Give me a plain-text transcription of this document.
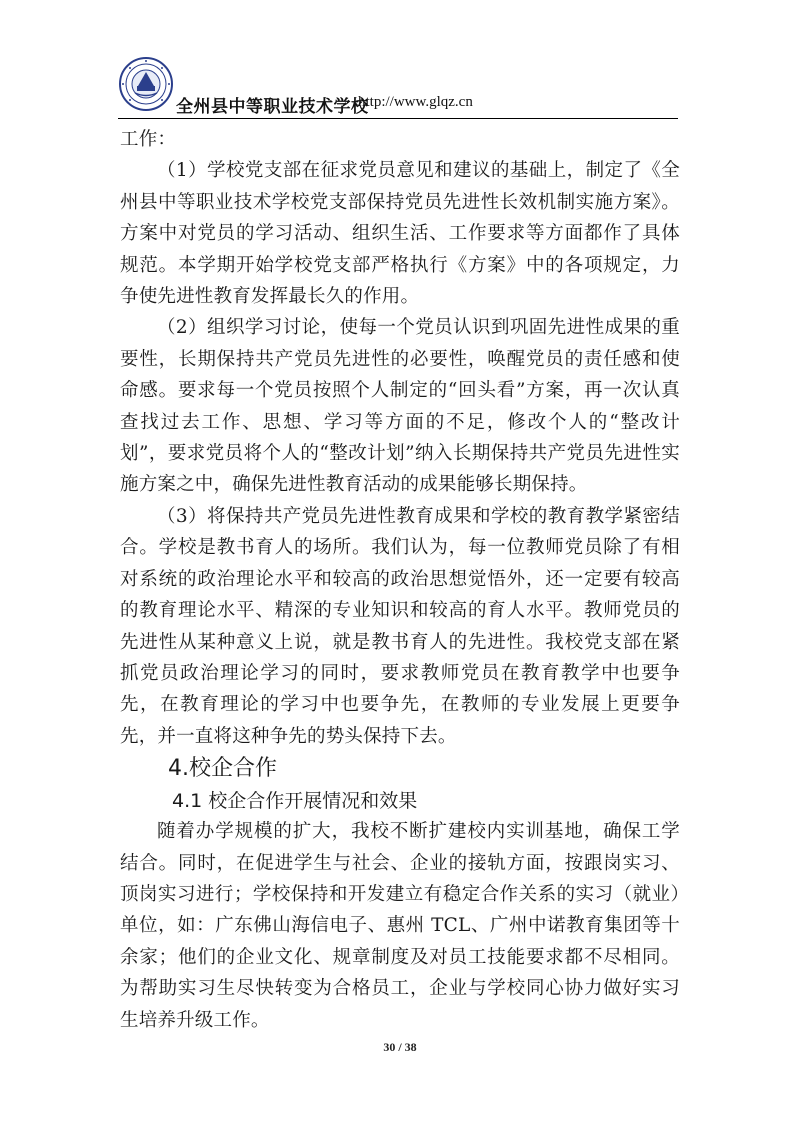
全州县中等职业技术学校
http://www.glqz.cn

工作：

（1）学校党支部在征求党员意见和建议的基础上，制定了《全州县中等职业技术学校党支部保持党员先进性长效机制实施方案》。方案中对党员的学习活动、组织生活、工作要求等方面都作了具体规范。本学期开始学校党支部严格执行《方案》中的各项规定，力争使先进性教育发挥最长久的作用。

（2）组织学习讨论，使每一个党员认识到巩固先进性成果的重要性，长期保持共产党员先进性的必要性，唤醒党员的责任感和使命感。要求每一个党员按照个人制定的“回头看”方案，再一次认真查找过去工作、思想、学习等方面的不足，修改个人的“整改计划”，要求党员将个人的“整改计划”纳入长期保持共产党员先进性实施方案之中，确保先进性教育活动的成果能够长期保持。

（3）将保持共产党员先进性教育成果和学校的教育教学紧密结合。学校是教书育人的场所。我们认为，每一位教师党员除了有相对系统的政治理论水平和较高的政治思想觉悟外，还一定要有较高的教育理论水平、精深的专业知识和较高的育人水平。教师党员的先进性从某种意义上说，就是教书育人的先进性。我校党支部在紧抓党员政治理论学习的同时，要求教师党员在教育教学中也要争先，在教育理论的学习中也要争先，在教师的专业发展上更要争先，并一直将这种争先的势头保持下去。

4.校企合作
4.1 校企合作开展情况和效果

随着办学规模的扩大，我校不断扩建校内实训基地，确保工学结合。同时，在促进学生与社会、企业的接轨方面，按跟岗实习、顶岗实习进行；学校保持和开发建立有稳定合作关系的实习（就业）单位，如：广东佛山海信电子、惠州 TCL、广州中诺教育集团等十余家；他们的企业文化、规章制度及对员工技能要求都不尽相同。为帮助实习生尽快转变为合格员工，企业与学校同心协力做好实习生培养升级工作。

30 / 38
